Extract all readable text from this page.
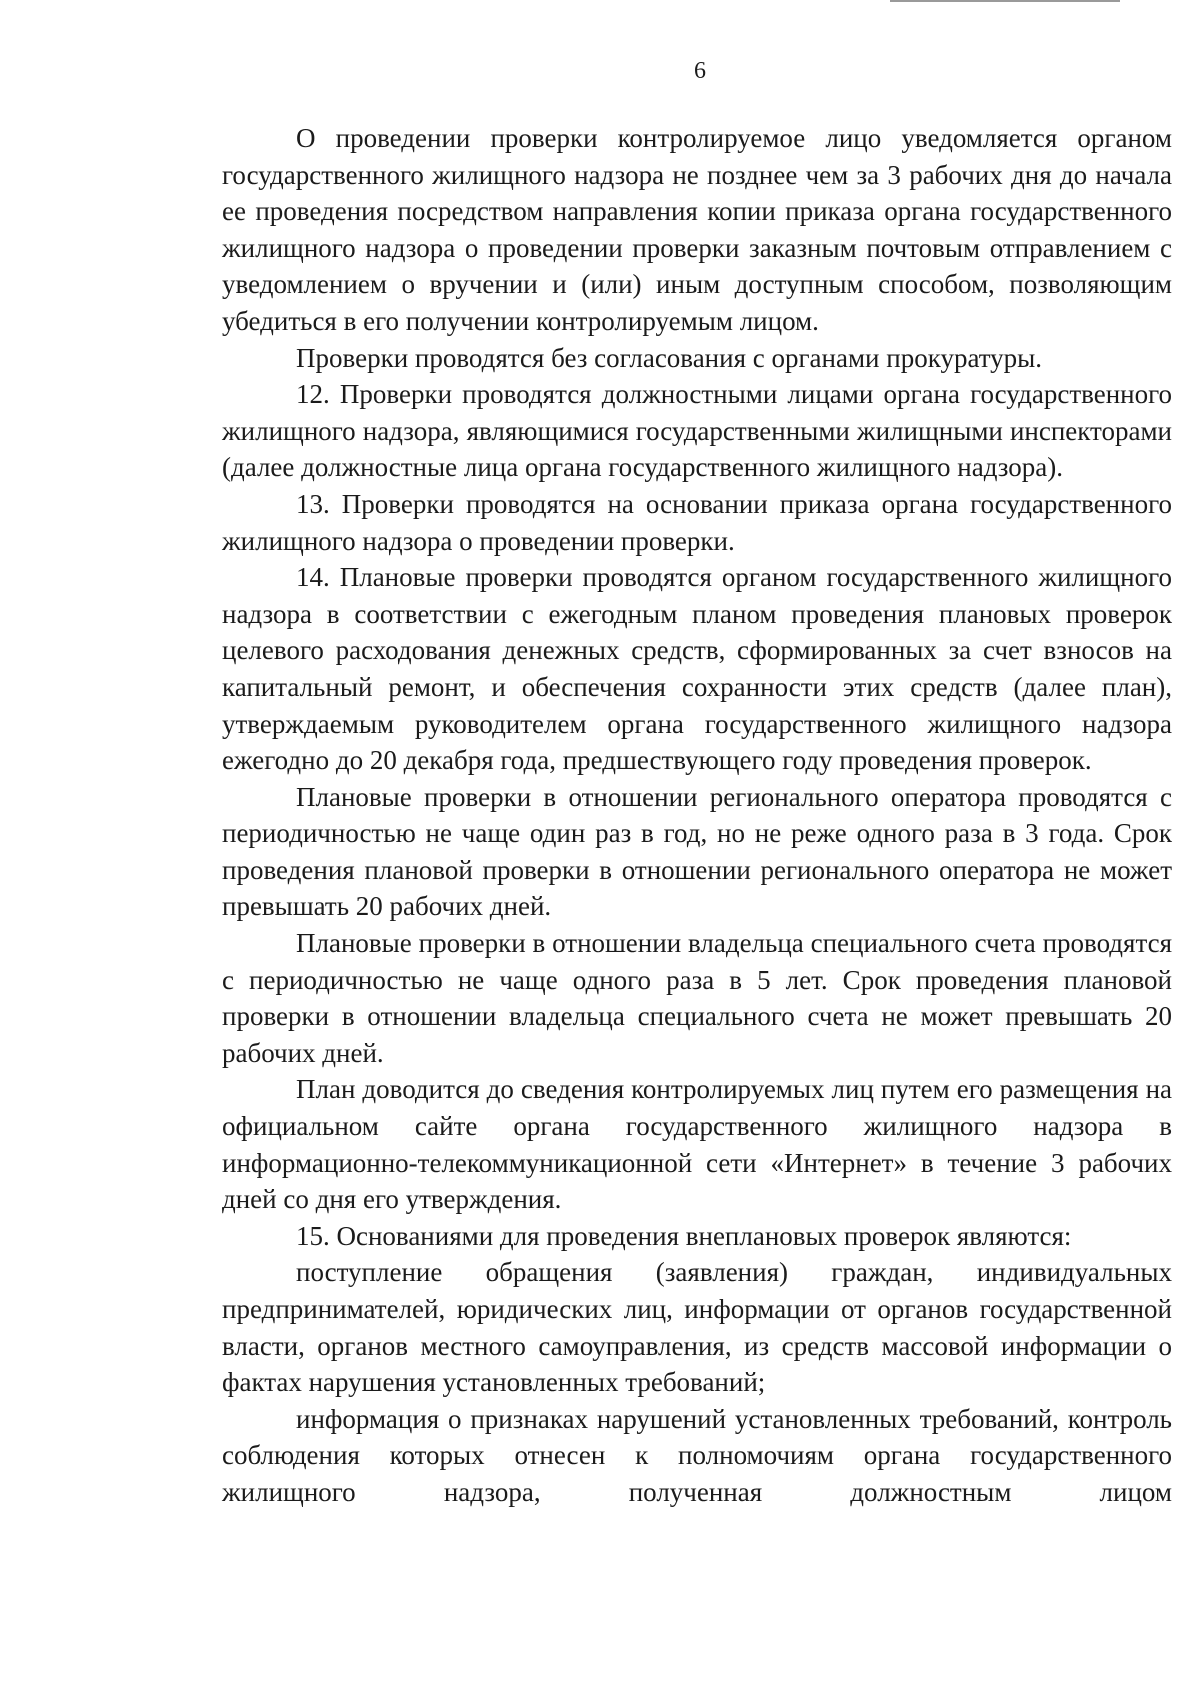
6

О проведении проверки контролируемое лицо уведомляется органом государственного жилищного надзора не позднее чем за 3 рабочих дня до начала ее проведения посредством направления копии приказа органа государственного жилищного надзора о проведении проверки заказным почтовым отправлением с уведомлением о вручении и (или) иным доступным способом, позволяющим убедиться в его получении контролируемым лицом.

Проверки проводятся без согласования с органами прокуратуры.

12. Проверки проводятся должностными лицами органа государственного жилищного надзора, являющимися государственными жилищными инспекторами (далее должностные лица органа государственного жилищного надзора).

13. Проверки проводятся на основании приказа органа государственного жилищного надзора о проведении проверки.

14. Плановые проверки проводятся органом государственного жилищного надзора в соответствии с ежегодным планом проведения плановых проверок целевого расходования денежных средств, сформированных за счет взносов на капитальный ремонт, и обеспечения сохранности этих средств (далее план), утверждаемым руководителем органа государственного жилищного надзора ежегодно до 20 декабря года, предшествующего году проведения проверок.

Плановые проверки в отношении регионального оператора проводятся с периодичностью не чаще один раз в год, но не реже одного раза в 3 года. Срок проведения плановой проверки в отношении регионального оператора не может превышать 20 рабочих дней.

Плановые проверки в отношении владельца специального счета проводятся с периодичностью не чаще одного раза в 5 лет. Срок проведения плановой проверки в отношении владельца специального счета не может превышать 20 рабочих дней.

План доводится до сведения контролируемых лиц путем его размещения на официальном сайте органа государственного жилищного надзора в информационно-телекоммуникационной сети «Интернет» в течение 3 рабочих дней со дня его утверждения.

15. Основаниями для проведения внеплановых проверок являются:

поступление обращения (заявления) граждан, индивидуальных предпринимателей, юридических лиц, информации от органов государственной власти, органов местного самоуправления, из средств массовой информации о фактах нарушения установленных требований;

информация о признаках нарушений установленных требований, контроль соблюдения которых отнесен к полномочиям органа государственного жилищного надзора, полученная должностным лицом
